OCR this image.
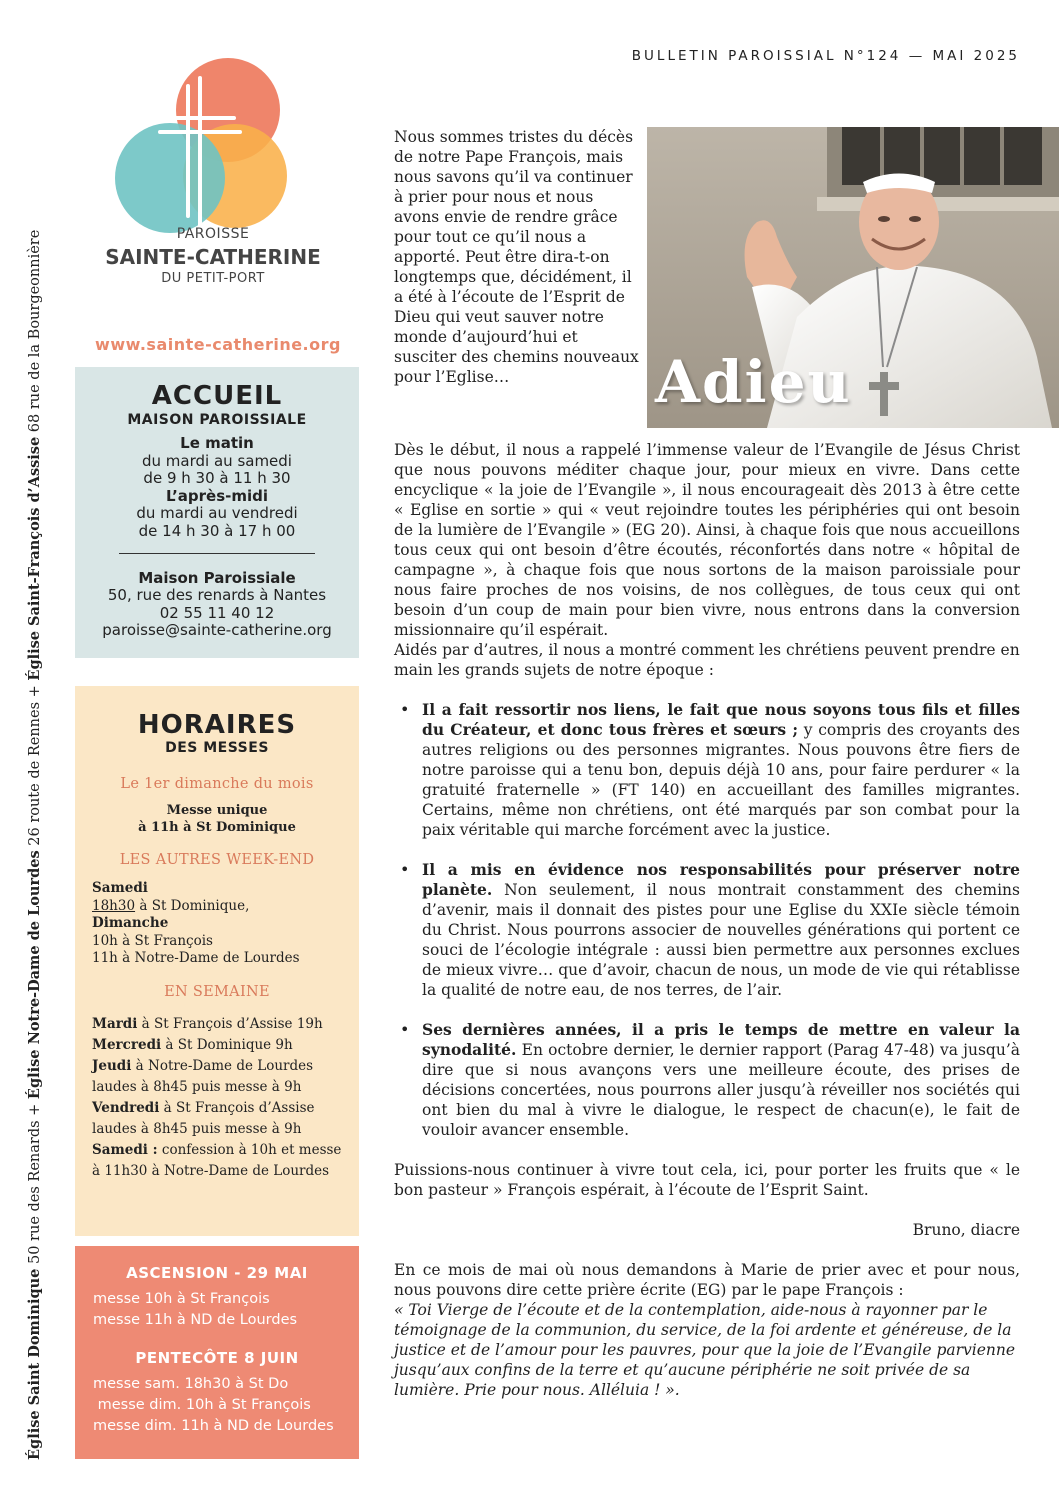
BULLETIN PAROISSIAL N°124 — MAI 2025
Église Saint Dominique 50 rue des Renards + Église Notre-Dame de Lourdes 26 route de Rennes + Église Saint-François d’Assise 68 rue de la Bourgeonnière	PAROISSE
SAINTE-CATHERINE
DU PETIT-PORT
www.sainte-catherine.org
ACCUEIL
MAISON PAROISSIALE
Le matin
du mardi au samedi
de 9 h 30 à 11 h 30
L’après-midi
du mardi au vendredi
de 14 h 30 à 17 h 00
Maison Paroissiale
50, rue des renards à Nantes
02 55 11 40 12
paroisse@sainte-catherine.org
HORAIRES
DES MESSES
Le 1er dimanche du mois
Messe unique
à 11h à St Dominique
LES AUTRES WEEK-END
Samedi
18h30 à St Dominique,
Dimanche
10h à St François
11h à Notre-Dame de Lourdes
EN SEMAINE
Mardi à St François d’Assise 19h
Mercredi à St Dominique 9h
Jeudi à Notre-Dame de Lourdes
laudes à 8h45 puis messe à 9h
Vendredi à St François d’Assise
laudes à 8h45 puis messe à 9h
Samedi : confession à 10h et messe
à 11h30 à Notre-Dame de Lourdes
ASCENSION - 29 MAI
messe 10h à St François
messe 11h à ND de Lourdes
PENTECÔTE 8 JUIN
messe sam. 18h30 à St Do
messe dim. 10h à St François
messe dim. 11h à ND de Lourdes
Nous sommes tristes du décès de notre Pape François, mais nous savons qu’il va continuer à prier pour nous et nous avons envie de rendre grâce pour tout ce qu’il nous a apporté. Peut être dira-t-on longtemps que, décidément, il a été à l’écoute de l’Esprit de Dieu qui veut sauver notre monde d’aujourd’hui et susciter des chemins nouveaux pour l’Eglise…	Adieu

Dès le début, il nous a rappelé l’immense valeur de l’Evangile de Jésus Christ que nous pouvons méditer chaque jour, pour mieux en vivre. Dans cette encyclique « la joie de l’Evangile », il nous encourageait dès 2013 à être cette « Eglise en sortie » qui « veut rejoindre toutes les périphéries qui ont besoin de la lumière de l’Evangile » (EG 20). Ainsi, à chaque fois que nous accueillons tous ceux qui ont besoin d’être écoutés, réconfortés dans notre « hôpital de campagne », à chaque fois que nous sortons de la maison paroissiale pour nous faire proches de nos voisins, de nos collègues, de tous ceux qui ont besoin d’un coup de main pour bien vivre, nous entrons dans la conversion missionnaire qu’il espérait.

Aidés par d’autres, il nous a montré comment les chrétiens peuvent prendre en main les grands sujets de notre époque :

• Il a fait ressortir nos liens, le fait que nous soyons tous fils et filles du Créateur, et donc tous frères et sœurs ; y compris des croyants des autres religions ou des personnes migrantes. Nous pouvons être fiers de notre paroisse qui a tenu bon, depuis déjà 10 ans, pour faire perdurer « la gratuité fraternelle » (FT 140) en accueillant des familles migrantes. Certains, même non chrétiens, ont été marqués par son combat pour la paix véritable qui marche forcément avec la justice.

• Il a mis en évidence nos responsabilités pour préserver notre planète. Non seulement, il nous montrait constamment des chemins d’avenir, mais il donnait des pistes pour une Eglise du XXIe siècle témoin du Christ. Nous pourrons associer de nouvelles générations qui portent ce souci de l’écologie intégrale : aussi bien permettre aux personnes exclues de mieux vivre… que d’avoir, chacun de nous, un mode de vie qui rétablisse la qualité de notre eau, de nos terres, de l’air.

• Ses dernières années, il a pris le temps de mettre en valeur la synodalité. En octobre dernier, le dernier rapport (Parag 47-48) va jusqu’à dire que si nous avançons vers une meilleure écoute, des prises de décisions concertées, nous pourrons aller jusqu’à réveiller nos sociétés qui ont bien du mal à vivre le dialogue, le respect de chacun(e), le fait de vouloir avancer ensemble.

Puissions-nous continuer à vivre tout cela, ici, pour porter les fruits que « le bon pasteur » François espérait, à l’écoute de l’Esprit Saint.

Bruno, diacre

En ce mois de mai où nous demandons à Marie de prier avec et pour nous, nous pouvons dire cette prière écrite (EG) par le pape François :

« Toi Vierge de l’écoute et de la contemplation, aide-nous à rayonner par le témoignage de la communion, du service, de la foi ardente et généreuse, de la justice et de l’amour pour les pauvres, pour que la joie de l’Evangile parvienne jusqu’aux confins de la terre et qu’aucune périphérie ne soit privée de sa lumière. Prie pour nous. Alléluia ! ».
